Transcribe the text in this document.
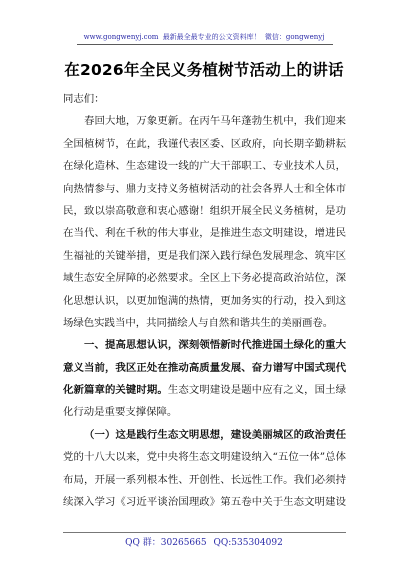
www.gongwenyj.com 最新最全最专业的公文资料库！ 微信：gongwenyj
在2026年全民义务植树节活动上的讲话
同志们：
春回大地，万象更新。在丙午马年蓬勃生机中，我们迎来
全国植树节，在此，我谨代表区委、区政府，向长期辛勤耕耘
在绿化造林、生态建设一线的广大干部职工、专业技术人员，
向热情参与、鼎力支持义务植树活动的社会各界人士和全体市
民，致以崇高敬意和衷心感谢！组织开展全民义务植树，是功
在当代、利在千秋的伟大事业，是推进生态文明建设，增进民
生福祉的关键举措，更是我们深入践行绿色发展理念、筑牢区
域生态安全屏障的必然要求。全区上下务必提高政治站位，深
化思想认识，以更加饱满的热情，更加务实的行动，投入到这
场绿色实践当中，共同描绘人与自然和谐共生的美丽画卷。
一、提高思想认识，深刻领悟新时代推进国土绿化的重大
意义当前，我区正处在推动高质量发展、奋力谱写中国式现代
化新篇章的关键时期。生态文明建设是题中应有之义，国土绿
化行动是重要支撑保障。
（一）这是践行生态文明思想，建设美丽城区的政治责任
党的十八大以来，党中央将生态文明建设纳入“五位一体”总体
布局，开展一系列根本性、开创性、长远性工作。我们必须持
续深入学习《习近平谈治国理政》第五卷中关于生态文明建设
QQ 群：30265665 QQ:535304092
